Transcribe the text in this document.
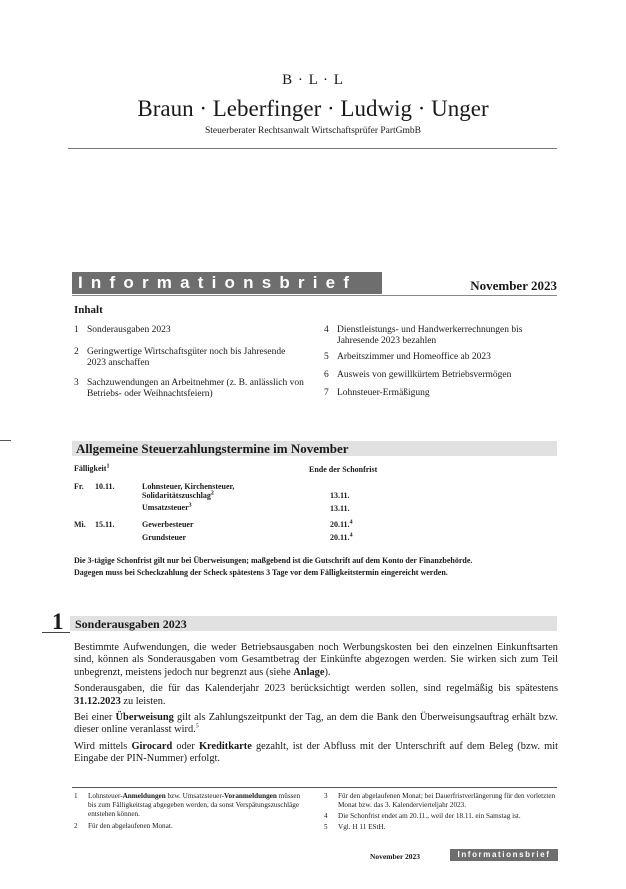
B · L · L
Braun · Leberfinger · Ludwig · Unger
Steuerberater Rechtsanwalt Wirtschaftsprüfer PartGmbB
Informationsbrief	November 2023
Inhalt
1 Sonderausgaben 2023
2 Geringwertige Wirtschaftsgüter noch bis Jahresende 2023 anschaffen
3 Sachzuwendungen an Arbeitnehmer (z. B. anlässlich von Betriebs- oder Weihnachtsfeiern)
4 Dienstleistungs- und Handwerkerrechnungen bis Jahresende 2023 bezahlen
5 Arbeitszimmer und Homeoffice ab 2023
6 Ausweis von gewillkürtem Betriebsvermögen
7 Lohnsteuer-Ermäßigung
Allgemeine Steuerzahlungstermine im November
Fälligkeit$^1$	Ende der Schonfrist
Fr. 10.11.	Lohnsteuer, Kirchensteuer,
Solidaritätszuschlag$^2$	13.11.
Umsatzsteuer$^3$	13.11.
Mi. 15.11.	Gewerbesteuer	20.11.$^4$
Grundsteuer	20.11.$^4$
Die 3-tägige Schonfrist gilt nur bei Überweisungen; maßgebend ist die Gutschrift auf dem Konto der Finanzbehörde.
Dagegen muss bei Scheckzahlung der Scheck spätestens 3 Tage vor dem Fälligkeitstermin eingereicht werden.
1 Sonderausgaben 2023

Bestimmte Aufwendungen, die weder Betriebsausgaben noch Werbungskosten bei den einzelnen Einkunftsarten sind, können als Sonderausgaben vom Gesamtbetrag der Einkünfte abgezogen werden. Sie wirken sich zum Teil unbegrenzt, meistens jedoch nur begrenzt aus (siehe Anlage).

Sonderausgaben, die für das Kalenderjahr 2023 berücksichtigt werden sollen, sind regelmäßig bis spätestens 31.12.2023 zu leisten.

Bei einer Überweisung gilt als Zahlungszeitpunkt der Tag, an dem die Bank den Überweisungsauftrag erhält bzw. dieser online veranlasst wird.$^5$

Wird mittels Girocard oder Kreditkarte gezahlt, ist der Abfluss mit der Unterschrift auf dem Beleg (bzw. mit Eingabe der PIN-Nummer) erfolgt.

1 Lohnsteuer-Anmeldungen bzw. Umsatzsteuer-Voranmeldungen müssen bis zum Fälligkeitstag abgegeben werden, da sonst Verspätungszuschläge entstehen können.
2 Für den abgelaufenen Monat.
3 Für den abgelaufenen Monat; bei Dauerfristverlängerung für den vorletzten Monat bzw. das 3. Kalendervierteljahr 2023.
4 Die Schonfrist endet am 20.11., weil der 18.11. ein Samstag ist.
5 Vgl. H 11 EStH.
November 2023	Informationsbrief
